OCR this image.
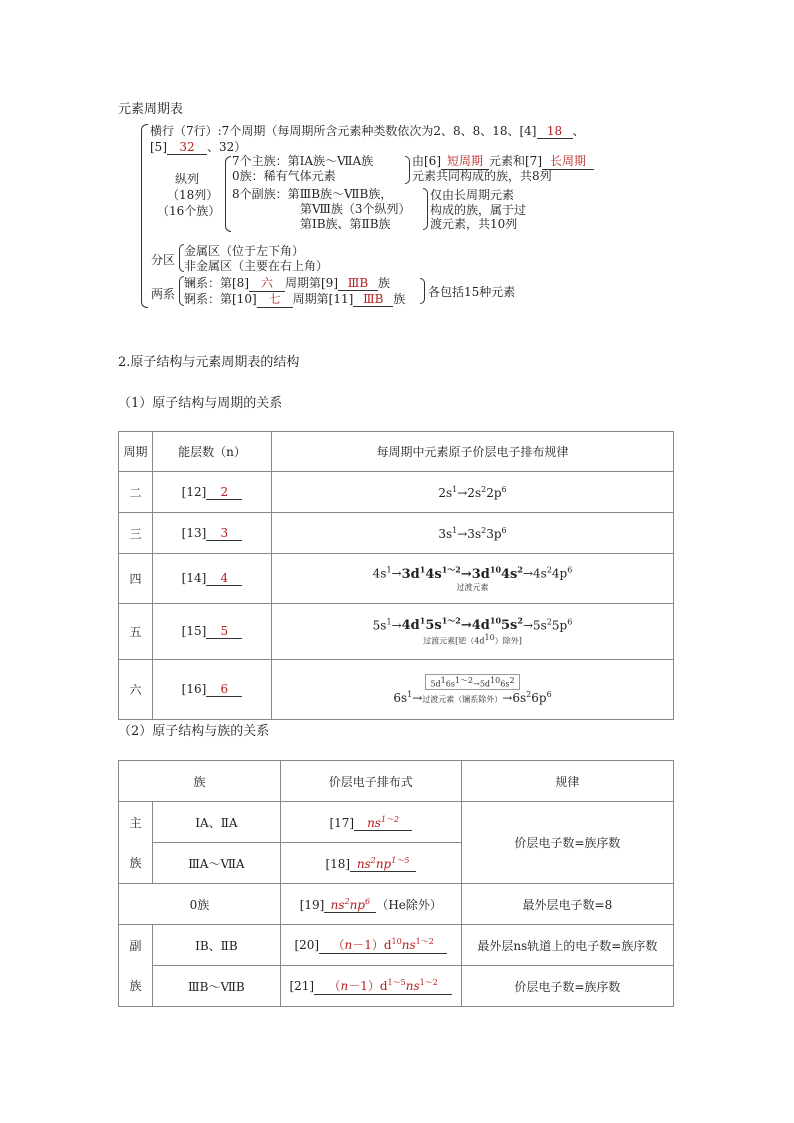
元素周期表
横行（7行）:7个周期（每周期所含元素种类数依次为2、8、8、18、[4] 18 、
[5] 32 、32）
纵列
（18列）
（16个族）
7个主族：第ⅠA族～ⅦA族
0族：稀有气体元素
由[6] 短周期 元素和[7] 长周期
元素共同构成的族，共8列
8个副族：第ⅢB族～ⅦB族，
第Ⅷ族（3个纵列）
第ⅠB族、第ⅡB族
仅由长周期元素
构成的族，属于过
渡元素，共10列
分区
金属区（位于左下角）
非金属区（主要在右上角）
两系
镧系：第[8] 六 周期第[9] ⅢB 族
锕系：第[10] 七 周期第[11] ⅢB 族 各包括15种元素
2.原子结构与元素周期表的结构
（1）原子结构与周期的关系
周期	能层数（n）	每周期中元素原子价层电子排布规律
二	[12] 2	$2s^1\to 2s^22p^6$
三	[13] 3	$3s^1\to 3s^23p^6$
四	[14] 4	$4s^1\to 3d^14s^{1\sim 2}\to 3d^{10}4s^2\to 4s^24p^6$
过渡元素

五	[15] 5	$5s^1\to 4d^15s^{1\sim 2}\to 4d^{10}5s^2\to 5s^25p^6$
过渡元素[钯$(4d^{10})$除外]

六	[16] 6	$5d^16s^{1\sim 2}\to 5d^{10}6s^2$
$6s^1\to$过渡元素（镧系除外）$\to 6s^26p^6$
（2）原子结构与族的关系
族		价层电子排布式	规律

主
族	ⅠA、ⅡA	[17] $ns^{1\sim 2}$	价层电子数=族序数
	ⅢA～ⅦA	[18] $ns^2np^{1\sim 5}$
0族		[19] $ns^2np^6$ （He除外）	最外层电子数=8

副
族	ⅠB、ⅡB	[20] $(n-1)d^{10}ns^{1\sim 2}$	最外层ns轨道上的电子数=族序数
	ⅢB～ⅦB	[21] $(n-1)d^{1\sim 5}ns^{1\sim 2}$	价层电子数=族序数
